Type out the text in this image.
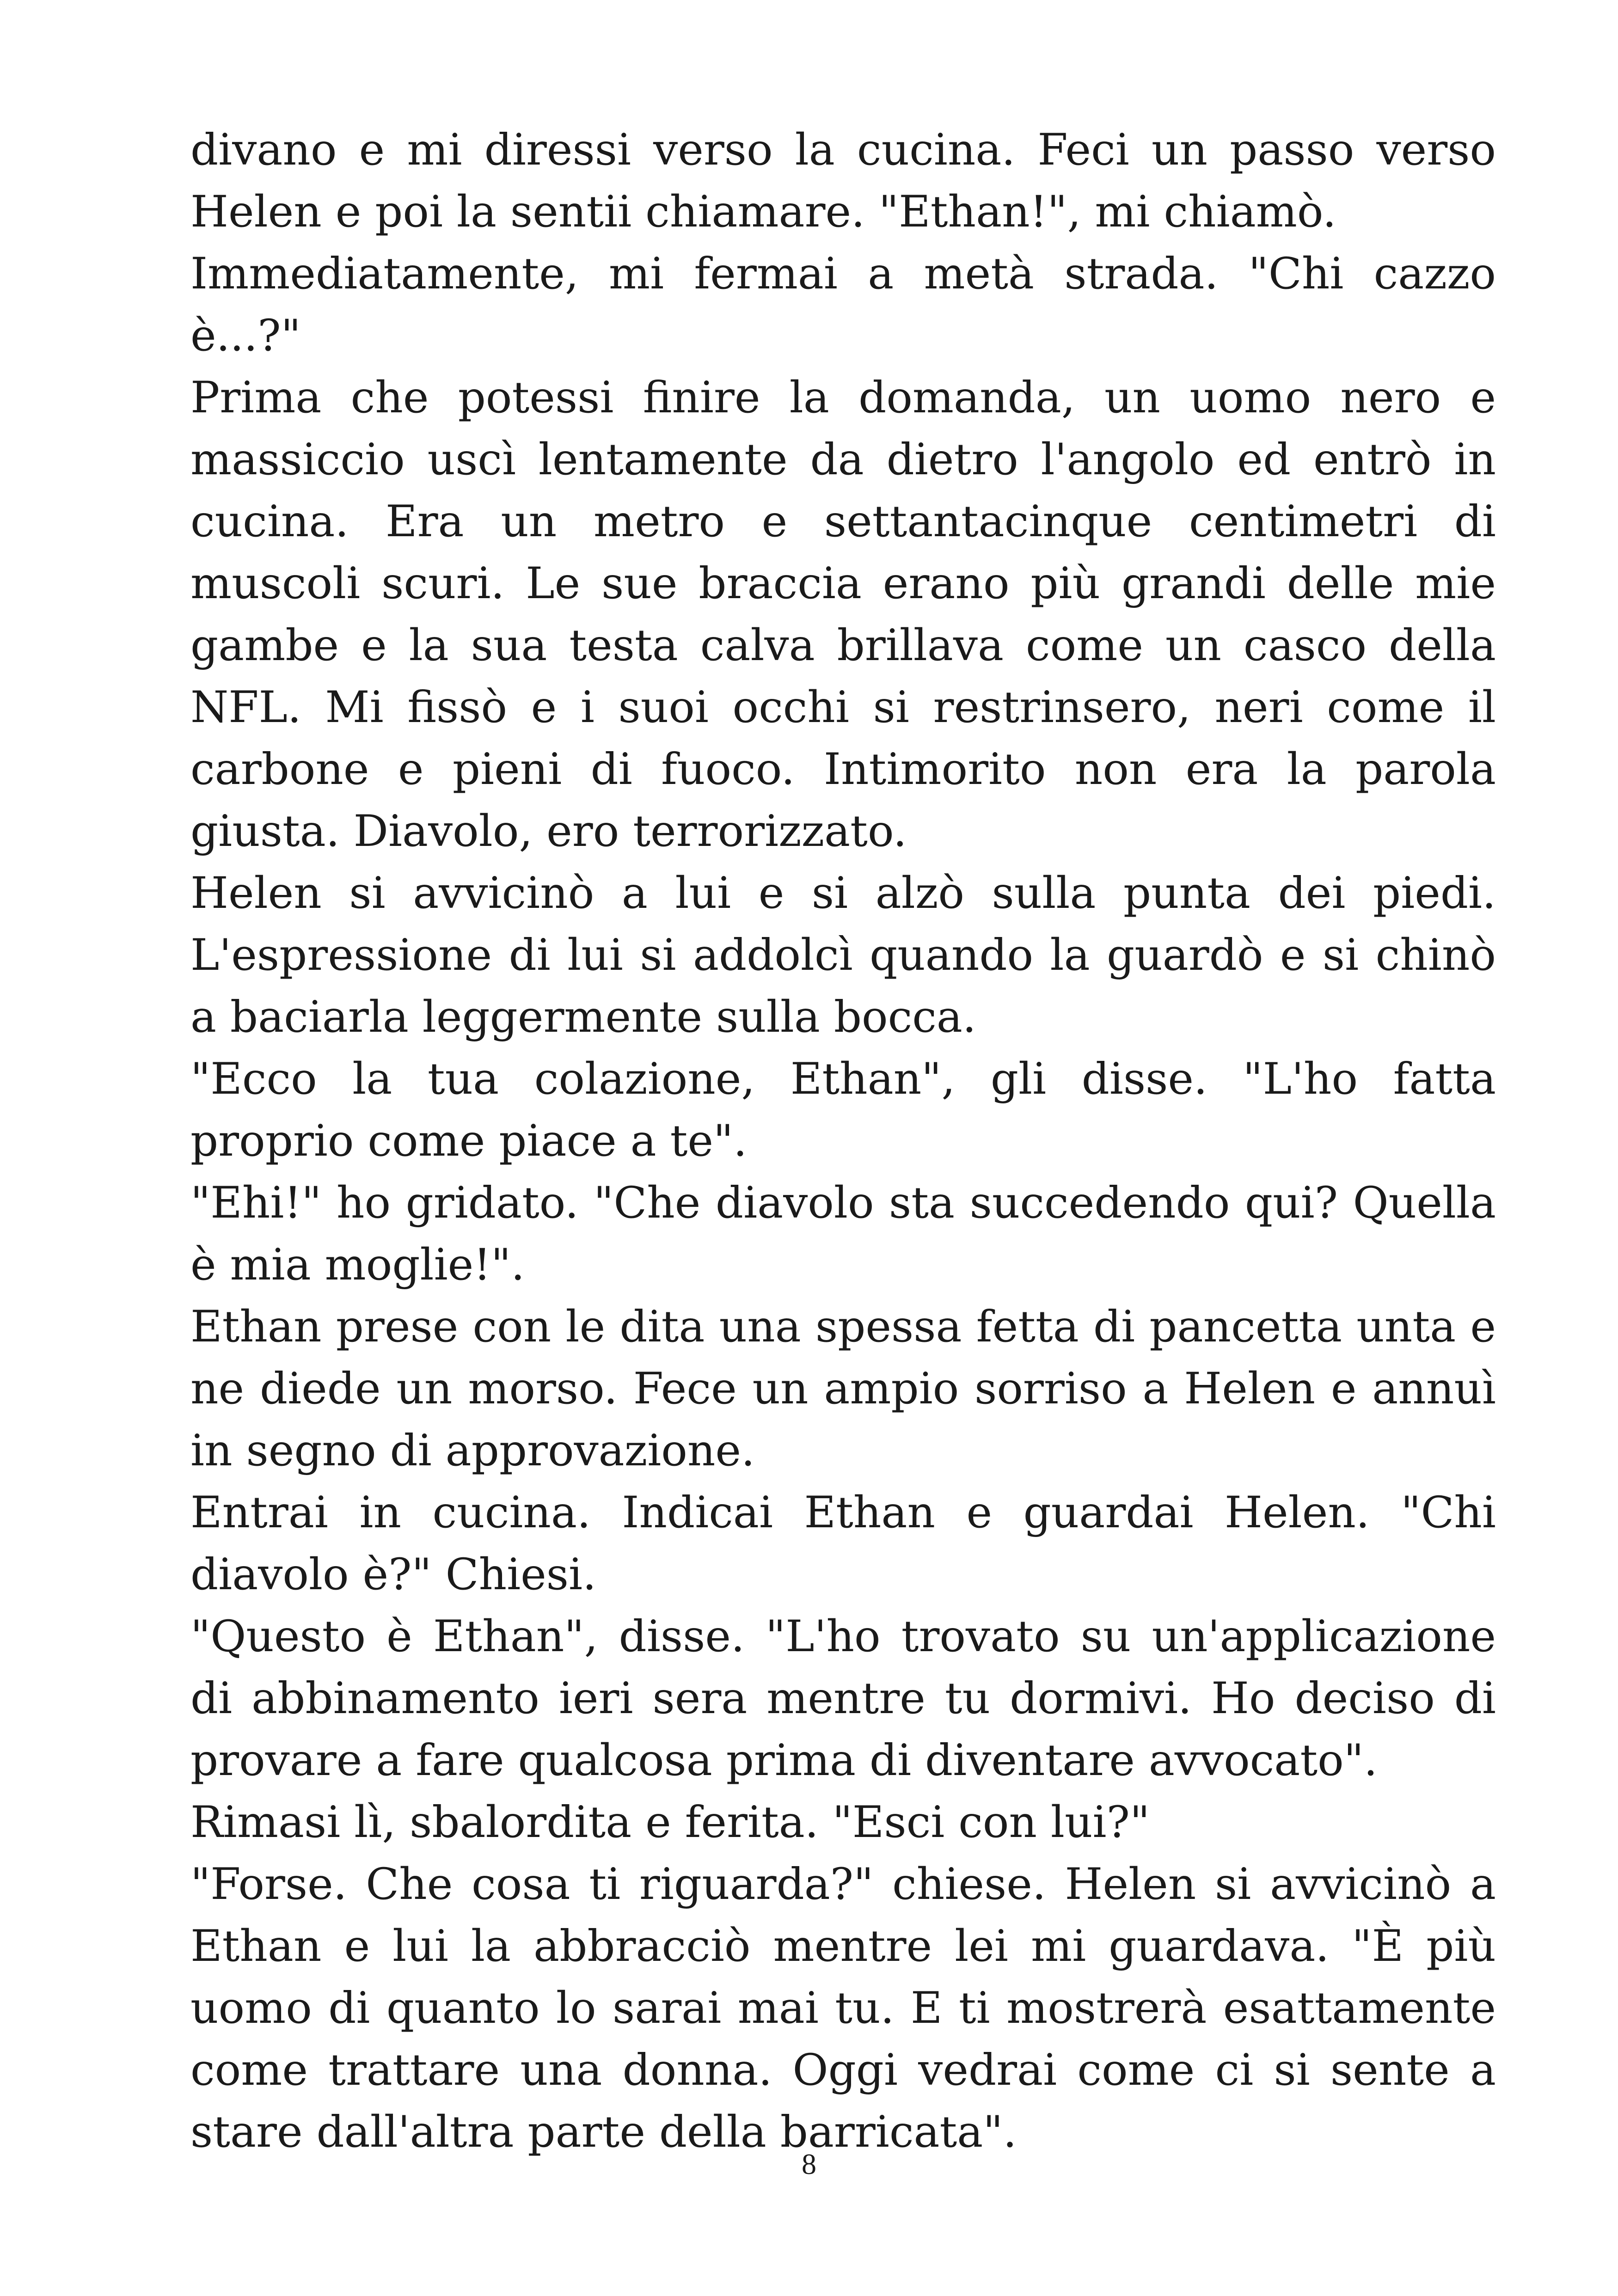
divano e mi diressi verso la cucina. Feci un passo verso Helen e poi la sentii chiamare. "Ethan!", mi chiamò.

Immediatamente, mi fermai a metà strada. "Chi cazzo è...?"

Prima che potessi finire la domanda, un uomo nero e massiccio uscì lentamente da dietro l'angolo ed entrò in cucina. Era un metro e settantacinque centimetri di muscoli scuri. Le sue braccia erano più grandi delle mie gambe e la sua testa calva brillava come un casco della NFL. Mi fissò e i suoi occhi si restrinsero, neri come il carbone e pieni di fuoco. Intimorito non era la parola giusta. Diavolo, ero terrorizzato.

Helen si avvicinò a lui e si alzò sulla punta dei piedi. L'espressione di lui si addolcì quando la guardò e si chinò a baciarla leggermente sulla bocca.

"Ecco la tua colazione, Ethan", gli disse. "L'ho fatta proprio come piace a te".

"Ehi!" ho gridato. "Che diavolo sta succedendo qui? Quella è mia moglie!".

Ethan prese con le dita una spessa fetta di pancetta unta e ne diede un morso. Fece un ampio sorriso a Helen e annuì in segno di approvazione.

Entrai in cucina. Indicai Ethan e guardai Helen. "Chi diavolo è?" Chiesi.

"Questo è Ethan", disse. "L'ho trovato su un'applicazione di abbinamento ieri sera mentre tu dormivi. Ho deciso di provare a fare qualcosa prima di diventare avvocato".

Rimasi lì, sbalordita e ferita. "Esci con lui?"

"Forse. Che cosa ti riguarda?" chiese. Helen si avvicinò a Ethan e lui la abbracciò mentre lei mi guardava. "È più uomo di quanto lo sarai mai tu. E ti mostrerà esattamente come trattare una donna. Oggi vedrai come ci si sente a stare dall'altra parte della barricata".

8
